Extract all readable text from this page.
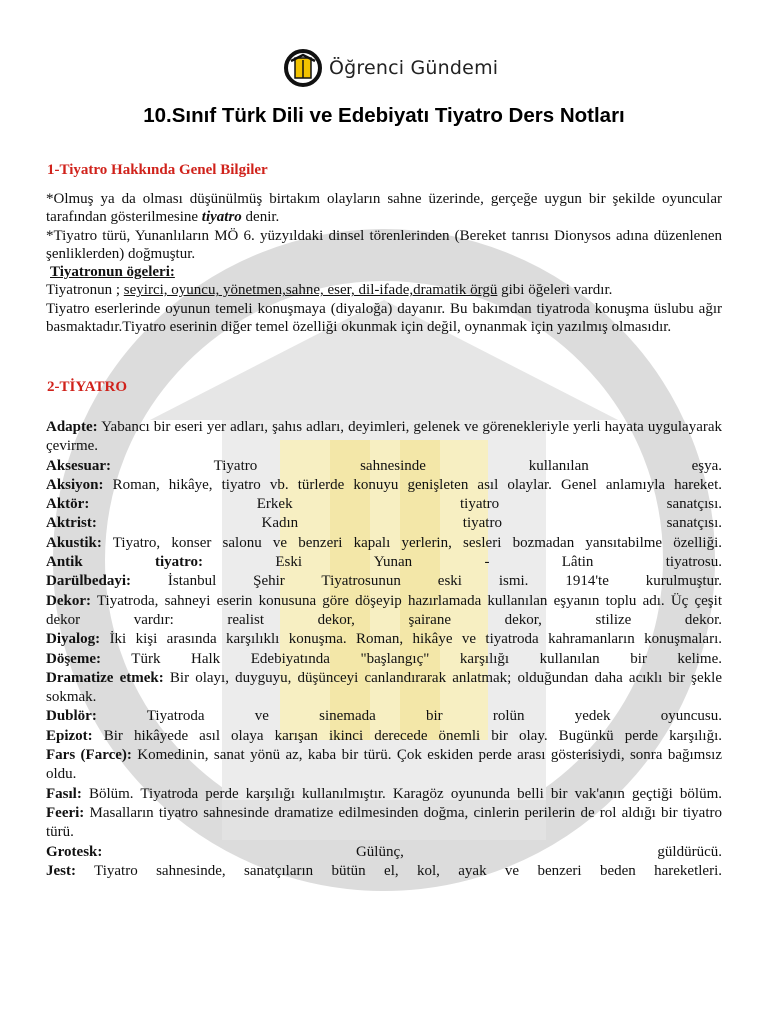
Öğrenci Gündemi
10.Sınıf Türk Dili ve Edebiyatı Tiyatro Ders Notları
1-Tiyatro Hakkında Genel Bilgiler

*Olmuş ya da olması düşünülmüş birtakım olayların sahne üzerinde, gerçeğe uygun bir şekilde oyuncular tarafından gösterilmesine tiyatro denir.

*Tiyatro türü, Yunanlıların MÖ 6. yüzyıldaki dinsel törenlerinden (Bereket tanrısı Dionysos adına düzenlenen şenliklerden) doğmuştur.

Tiyatronun ögeleri:

Tiyatronun ; seyirci, oyuncu, yönetmen,sahne, eser, dil-ifade,dramatik örgü gibi öğeleri vardır.

Tiyatro eserlerinde oyunun temeli konuşmaya (diyaloğa) dayanır. Bu bakımdan tiyatroda konuşma üslubu ağır basmaktadır.Tiyatro eserinin diğer temel özelliği okunmak için değil, oynanmak için yazılmış olmasıdır.

2-TİYATRO

Adapte: Yabancı bir eseri yer adları, şahıs adları, deyimleri, gelenek ve görenekleriyle yerli hayata uygulayarak çevirme.

Aksesuar:	Tiyatro sahnesinde kullanılan eşya.

Aksiyon: Roman, hikâye, tiyatro vb. türlerde konuyu genişleten asıl olaylar. Genel anlamıyla hareket.

Aktör:	Erkek tiyatro sanatçısı.

Aktrist:	Kadın tiyatro sanatçısı.

Akustik: Tiyatro, konser salonu ve benzeri kapalı yerlerin, sesleri bozmadan yansıtabilme özelliği.

Antik tiyatro:	Eski Yunan - Lâtin tiyatrosu.

Darülbedayi: İstanbul Şehir Tiyatrosunun eski ismi. 1914'te kurulmuştur.

Dekor: Tiyatroda, sahneyi eserin konusuna göre döşeyip hazırlamada kullanılan eşyanın toplu adı. Üç çeşit dekor vardır: realist dekor, şairane dekor, stilize dekor.

Diyalog: İki kişi arasında karşılıklı konuşma. Roman, hikâye ve tiyatroda kahramanların konuşmaları.

Döşeme: Türk Halk Edebiyatında "başlangıç" karşılığı kullanılan bir kelime.

Dramatize etmek: Bir olayı, duyguyu, düşünceyi canlandırarak anlatmak; olduğundan daha acıklı bir şekle sokmak.

Dublör:	Tiyatroda ve sinemada bir rolün yedek oyuncusu.

Epizot: Bir hikâyede asıl olaya karışan ikinci derecede önemli bir olay. Bugünkü perde karşılığı.

Fars (Farce): Komedinin, sanat yönü az, kaba bir türü. Çok eskiden perde arası gösterisiydi, sonra bağımsız oldu.

Fasıl: Bölüm. Tiyatroda perde karşılığı kullanılmıştır. Karagöz oyununda belli bir vak'anın geçtiği bölüm.

Feeri: Masalların tiyatro sahnesinde dramatize edilmesinden doğma, cinlerin perilerin de rol aldığı bir tiyatro türü.

Grotesk:	Gülünç, güldürücü.

Jest: Tiyatro sahnesinde, sanatçıların bütün el, kol, ayak ve benzeri beden hareketleri.
